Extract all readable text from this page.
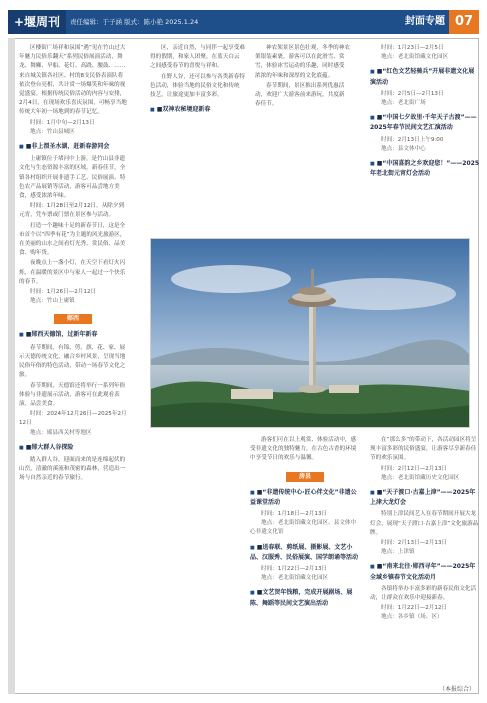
+堰周刊	责任编辑：于子涵 版式：陈小艳 2025.1.24	封面专题 07

区楼街广场祥和氛围“遇”见在竹山过大年魅力民俗乐翻天”系列民俗展演活动，舞龙、舞狮、旱船、花灯、高跷、腰鼓、……来自城关镇各社区、村的8支民俗表演队将依次登台亮相，共计赏一场爆笑和年味的视觉盛宴。根据传统民俗活动的内容与安排，2月4日，在现场欢乐喜庆氛围，可畅享当地传统大年初一场地到的春节记忆。

时间：1月中旬—2月13日
地点：竹山县城区
■ ■非上渭圣水湖，赶新春游同会

上庸镇位于堵河中上游，是竹山县非遗文化与生态资源丰富的区域。新春佳节，全镇各村组织开展非遗手工艺、民俗展演、特色农产品展销等活动，游客可品尝地方美食，感受浓浓年味。

时间：1月28日至2月12日，从除夕到元宵，凭车票或门票在景区参与活动。

打造一个趣味十足的新春节日，这是全市首个以“四季有花”为主题的风光旅游区，在美丽的山水之间看灯光秀、赏民俗、品美食、购年货。

夜晚点上一盏小灯，在天空下看灯火闪烁，在温暖的景区中与家人一起过一个快乐的春节。

时间：1月26日—2月12日
地点：竹山上庸镇
郧西
■ ■郧西天德馆，过新年新春

春节期间，有锦、剪、旗、花、家、展示天德传统文化，融合乡村风景，呈现当地民俗年俗的特色活动，带动一场春节文化之旅。

春节期间，天德馆还将举行一系列年俗体验与非遗展示活动，游客可在此观看表演、品尝美食。

时间：2024年12月26日—2025年2月12日
地点：郧县西关村等地区
■ ■郧大群人谷探险

踏入群人谷，迎面而来的是连绵起伏的山峦，清澈的溪流和茂密的森林，营造出一场与自然亲近的春节旅行。

区，亲近自然，与同伴一起享受难得的假期，和家人团聚，在蓝天白云之间感受春节的喜悦与祥和。

在野人谷，还可以参与各类新春特色活动，体验当地的民俗文化和传统技艺，让旅途更加丰富多彩。

■ ■双神农秘境迎新春

神农架景区景色壮观，冬季的神农架银装素裹，游客可以在此滑雪、赏雪，体验冰雪运动的乐趣，同时感受浓浓的年味和深厚的文化底蕴。

春节期间，景区推出系列优惠活动，欢迎广大游客前来游玩，共度新春佳节。

时间：1月23日—2月5日
地点：老北街馆藏文化园区
■ ■“红色文艺轻骑兵”开展非遗文化展演活动
时间：2月5日—2月13日
地点：老北街广场
■ ■“中国七夕故里·千年天子古渡”——2025年春节民间文艺汇演活动
时间：2月13日上午9:00
地点：县文体中心
■ ■“中国喜韵之乡欢迎您！”——2025年老北街元宵灯会活动

游客们可在以上观赏、体验活动中，感受非遗文化的独特魅力，在古色古香的环境中享受节日的欢乐与温馨。

房县
■ ■“非遗传统中心·匠心伴文化”非遗公益课堂活动
时间：1月18日—2月13日
地点：老北街馆藏文化园区、县文体中心非遗文化馆
■ ■送春联、剪纸展、摄影展、文艺小品、汉服秀、民俗展演、国学朗诵等活动
时间：1月22日—2月13日
地点：老北街馆藏文化园区
■ ■文艺贺年钱粮，完成开展剧场、展陈、舞蹈等民间文艺演出活动

在“那么多”的带动下，各活动园区将呈现丰富多彩的民俗盛宴，让游客尽享新春佳节的欢乐氛围。

时间：2月12日—2月13日
地点：老北街馆藏历史文化园区
■ ■“天子渡口·古嘉上津”——2025年上津大龙灯会

特别上津民间艺人在春节期间开展大龙灯会，展现“天子渡口·古嘉上津”文化旅游品牌。

时间：2月13日—2月13日
地点：上津镇
■ ■“南来北往·郧西寻年”——2025年全域乡镇春节文化活动月

各镇将举办丰富多彩的新春民俗文化活动，让群众在欢乐中迎接新春。

时间：1月22日—2月12日
地点：各乡镇（场、区）
（本报综合）
